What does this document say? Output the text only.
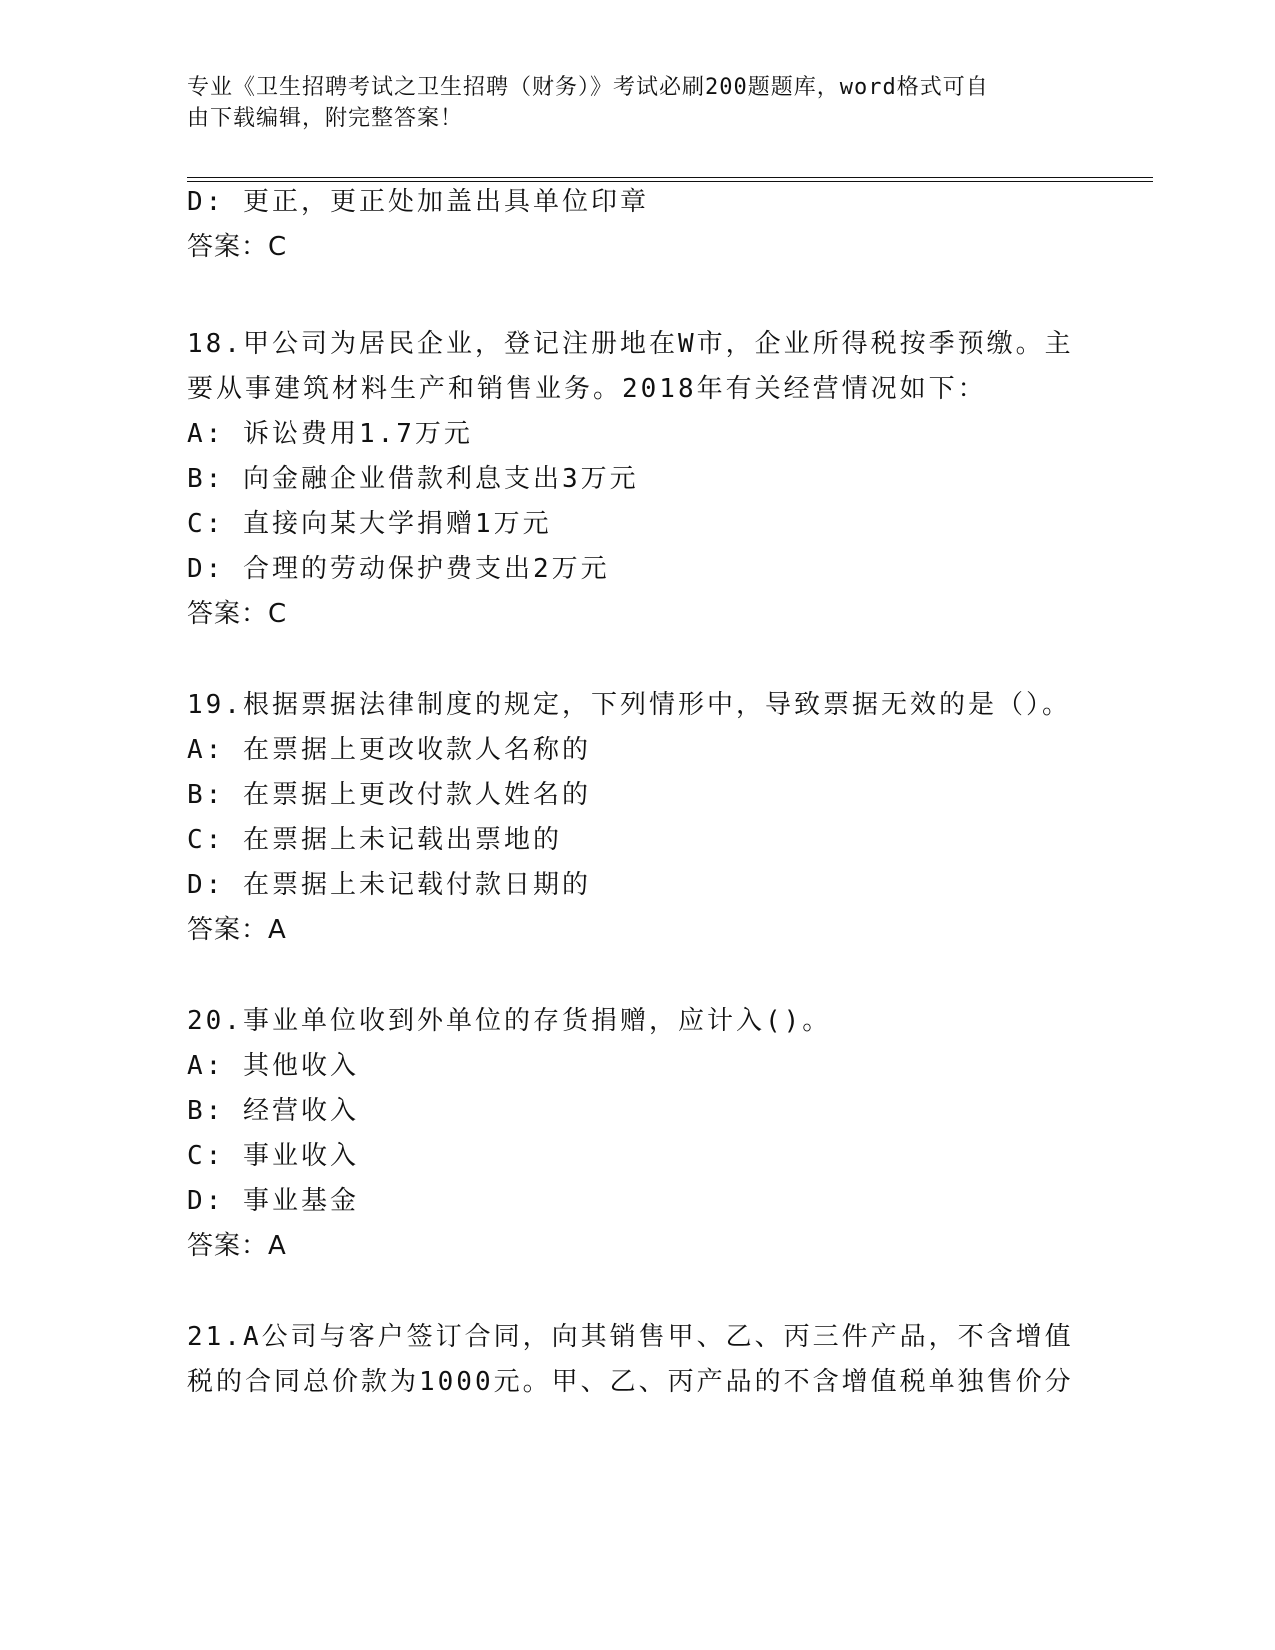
专业《卫生招聘考试之卫生招聘（财务）》考试必刷200题题库，word格式可自
由下载编辑，附完整答案！
D: 更正，更正处加盖出具单位印章
答案：C
18.甲公司为居民企业，登记注册地在W市，企业所得税按季预缴。主
要从事建筑材料生产和销售业务。2018年有关经营情况如下：
A: 诉讼费用1.7万元
B: 向金融企业借款利息支出3万元
C: 直接向某大学捐赠1万元
D: 合理的劳动保护费支出2万元
答案：C
19.根据票据法律制度的规定，下列情形中，导致票据无效的是（）。
A: 在票据上更改收款人名称的
B: 在票据上更改付款人姓名的
C: 在票据上未记载出票地的
D: 在票据上未记载付款日期的
答案：A
20.事业单位收到外单位的存货捐赠，应计入()。
A: 其他收入
B: 经营收入
C: 事业收入
D: 事业基金
答案：A
21.A公司与客户签订合同，向其销售甲、乙、丙三件产品，不含增值
税的合同总价款为1000元。甲、乙、丙产品的不含增值税单独售价分
